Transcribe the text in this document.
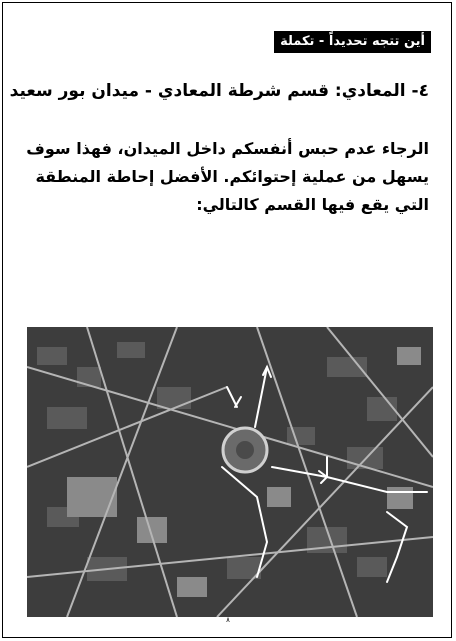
أين تتجه تحديداً - تكملة
٤- المعادي: قسم شرطة المعادي - ميدان بور سعيد
الرجاء عدم حبس أنفسكم داخل الميدان، فهذا سوف يسهل من عملية إحتوائكم. الأفضل إحاطة المنطقة التي يقع فيها القسم كالتالي:
٨
